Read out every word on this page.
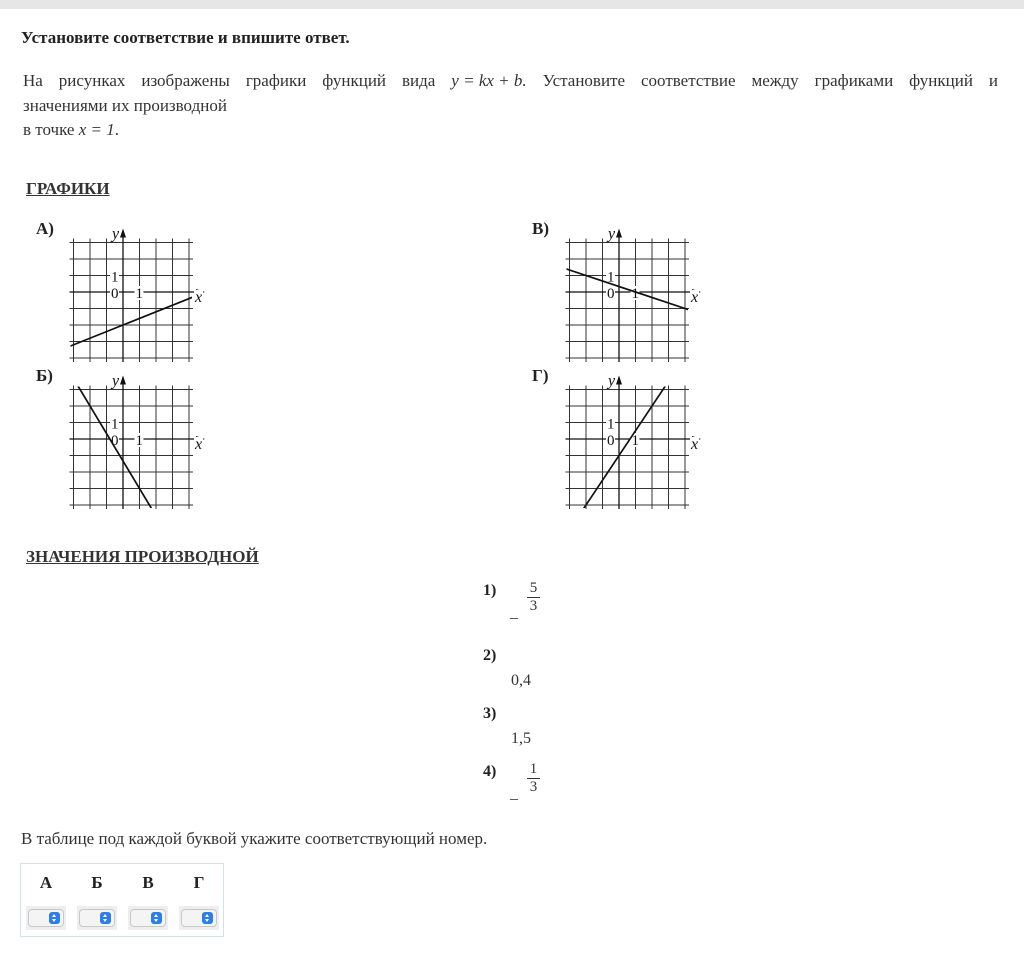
Установите соответствие и впишите ответ.
На рисунках изображены графики функций вида y = kx + b. Установите соответствие между графиками функций и
значениями их производной
в точке x = 1.
ГРАФИКИ
А)	В)
Б)	Г)
0 1
1
x
y
0 1
1
x
y
0 1
1
x
y
0 1
1
x
y
ЗНАЧЕНИЯ ПРОИЗВОДНОЙ
1)
_ $\frac{5}{3}$
2)
0,4
3)
1,5
4)
_ $\frac{1}{3}$
В таблице под каждой буквой укажите соответствующий номер.
А	Б	В	Г
